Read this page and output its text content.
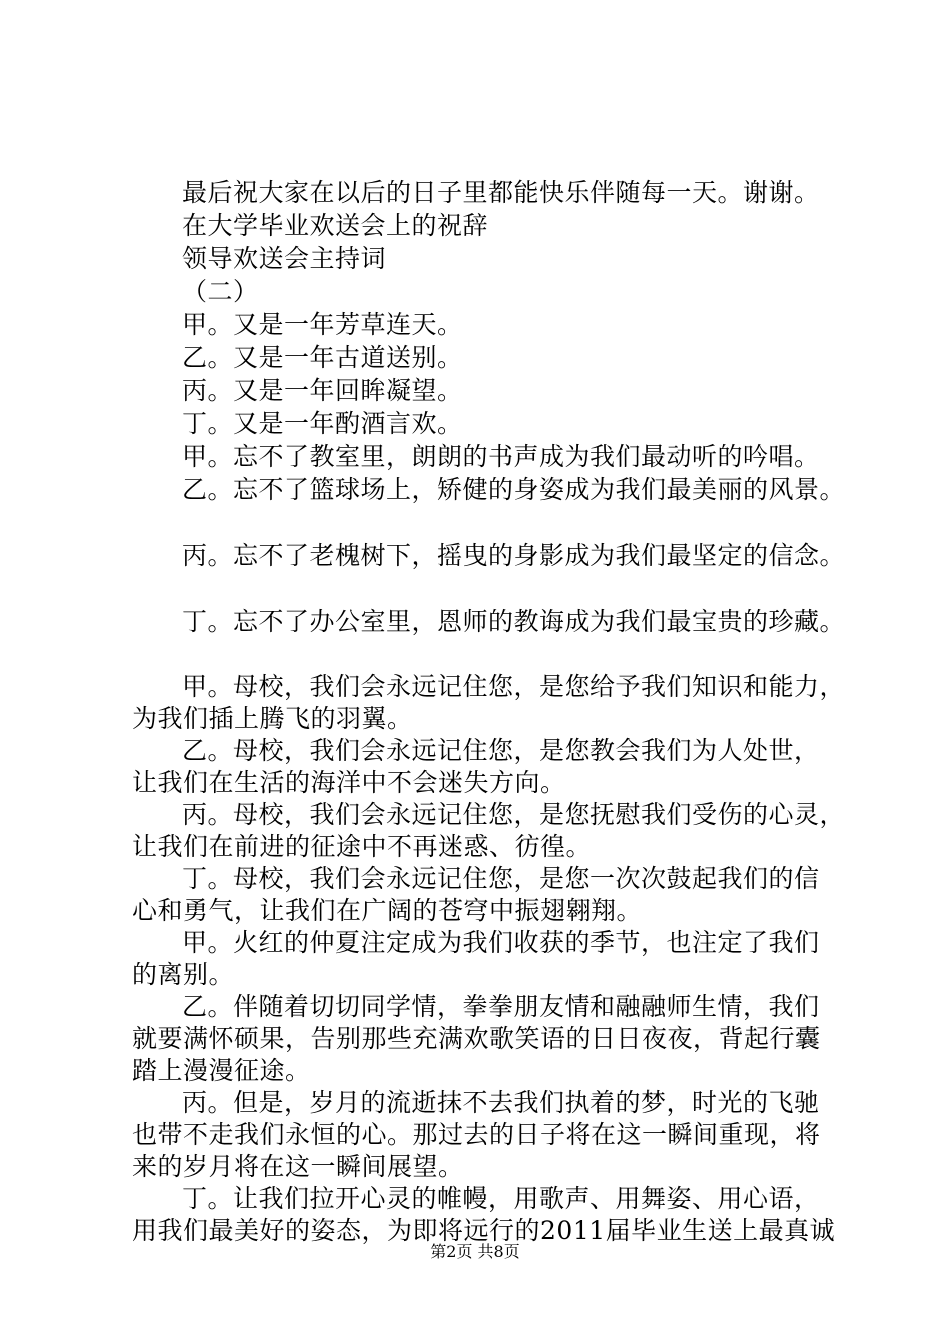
最后祝大家在以后的日子里都能快乐伴随每一天。谢谢。
在大学毕业欢送会上的祝辞
领导欢送会主持词
（二）
甲。又是一年芳草连天。
乙。又是一年古道送别。
丙。又是一年回眸凝望。
丁。又是一年酌酒言欢。
甲。忘不了教室里，朗朗的书声成为我们最动听的吟唱。
乙。忘不了篮球场上，矫健的身姿成为我们最美丽的风景。
丙。忘不了老槐树下，摇曳的身影成为我们最坚定的信念。
丁。忘不了办公室里，恩师的教诲成为我们最宝贵的珍藏。
甲。母校，我们会永远记住您，是您给予我们知识和能力，
为我们插上腾飞的羽翼。
乙。母校，我们会永远记住您，是您教会我们为人处世，
让我们在生活的海洋中不会迷失方向。
丙。母校，我们会永远记住您，是您抚慰我们受伤的心灵，
让我们在前进的征途中不再迷惑、彷徨。
丁。母校，我们会永远记住您，是您一次次鼓起我们的信
心和勇气，让我们在广阔的苍穹中振翅翱翔。
甲。火红的仲夏注定成为我们收获的季节，也注定了我们
的离别。
乙。伴随着切切同学情，拳拳朋友情和融融师生情，我们
就要满怀硕果，告别那些充满欢歌笑语的日日夜夜，背起行囊
踏上漫漫征途。
丙。但是，岁月的流逝抹不去我们执着的梦，时光的飞驰
也带不走我们永恒的心。那过去的日子将在这一瞬间重现，将
来的岁月将在这一瞬间展望。
丁。让我们拉开心灵的帷幔，用歌声、用舞姿、用心语，
用我们最美好的姿态，为即将远行的2011届毕业生送上最真诚
第2页 共8页
